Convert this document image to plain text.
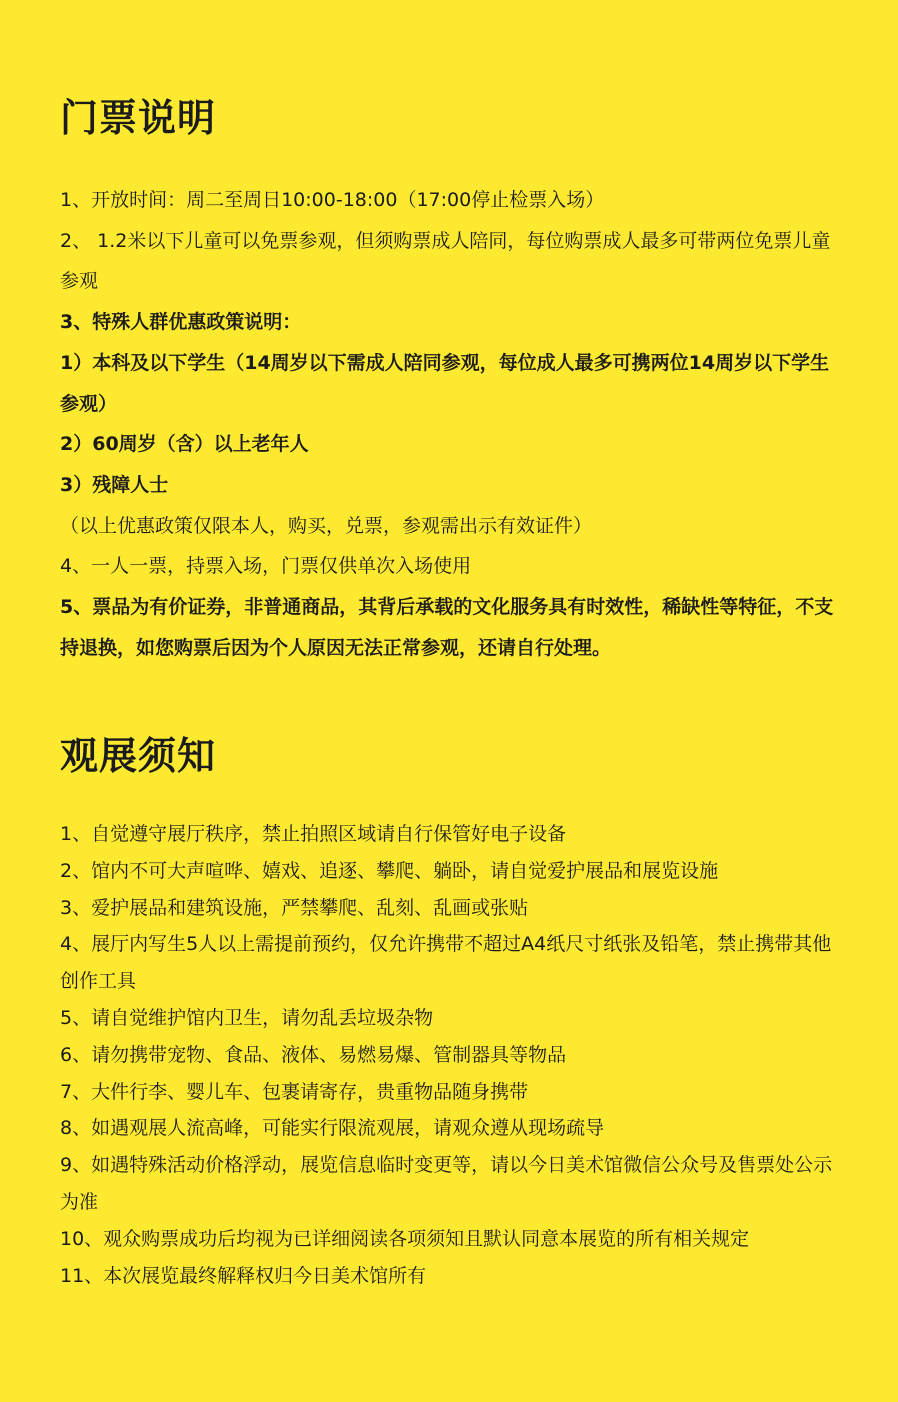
门票说明
1、开放时间：周二至周日10:00-18:00（17:00停止检票入场）
2、 1.2米以下儿童可以免票参观，但须购票成人陪同，每位购票成人最多可带两位免票儿童参观
3、特殊人群优惠政策说明：
1）本科及以下学生（14周岁以下需成人陪同参观，每位成人最多可携两位14周岁以下学生参观）
2）60周岁（含）以上老年人
3）残障人士
（以上优惠政策仅限本人，购买，兑票，参观需出示有效证件）
4、一人一票，持票入场，门票仅供单次入场使用
5、票品为有价证券，非普通商品，其背后承载的文化服务具有时效性，稀缺性等特征，不支持退换，如您购票后因为个人原因无法正常参观，还请自行处理。
观展须知
1、自觉遵守展厅秩序，禁止拍照区域请自行保管好电子设备
2、馆内不可大声喧哗、嬉戏、追逐、攀爬、躺卧，请自觉爱护展品和展览设施
3、爱护展品和建筑设施，严禁攀爬、乱刻、乱画或张贴
4、展厅内写生5人以上需提前预约，仅允许携带不超过A4纸尺寸纸张及铅笔，禁止携带其他创作工具
5、请自觉维护馆内卫生，请勿乱丢垃圾杂物
6、请勿携带宠物、食品、液体、易燃易爆、管制器具等物品
7、大件行李、婴儿车、包裹请寄存，贵重物品随身携带
8、如遇观展人流高峰，可能实行限流观展，请观众遵从现场疏导
9、如遇特殊活动价格浮动，展览信息临时变更等，请以今日美术馆微信公众号及售票处公示为准
10、观众购票成功后均视为已详细阅读各项须知且默认同意本展览的所有相关规定
11、本次展览最终解释权归今日美术馆所有
